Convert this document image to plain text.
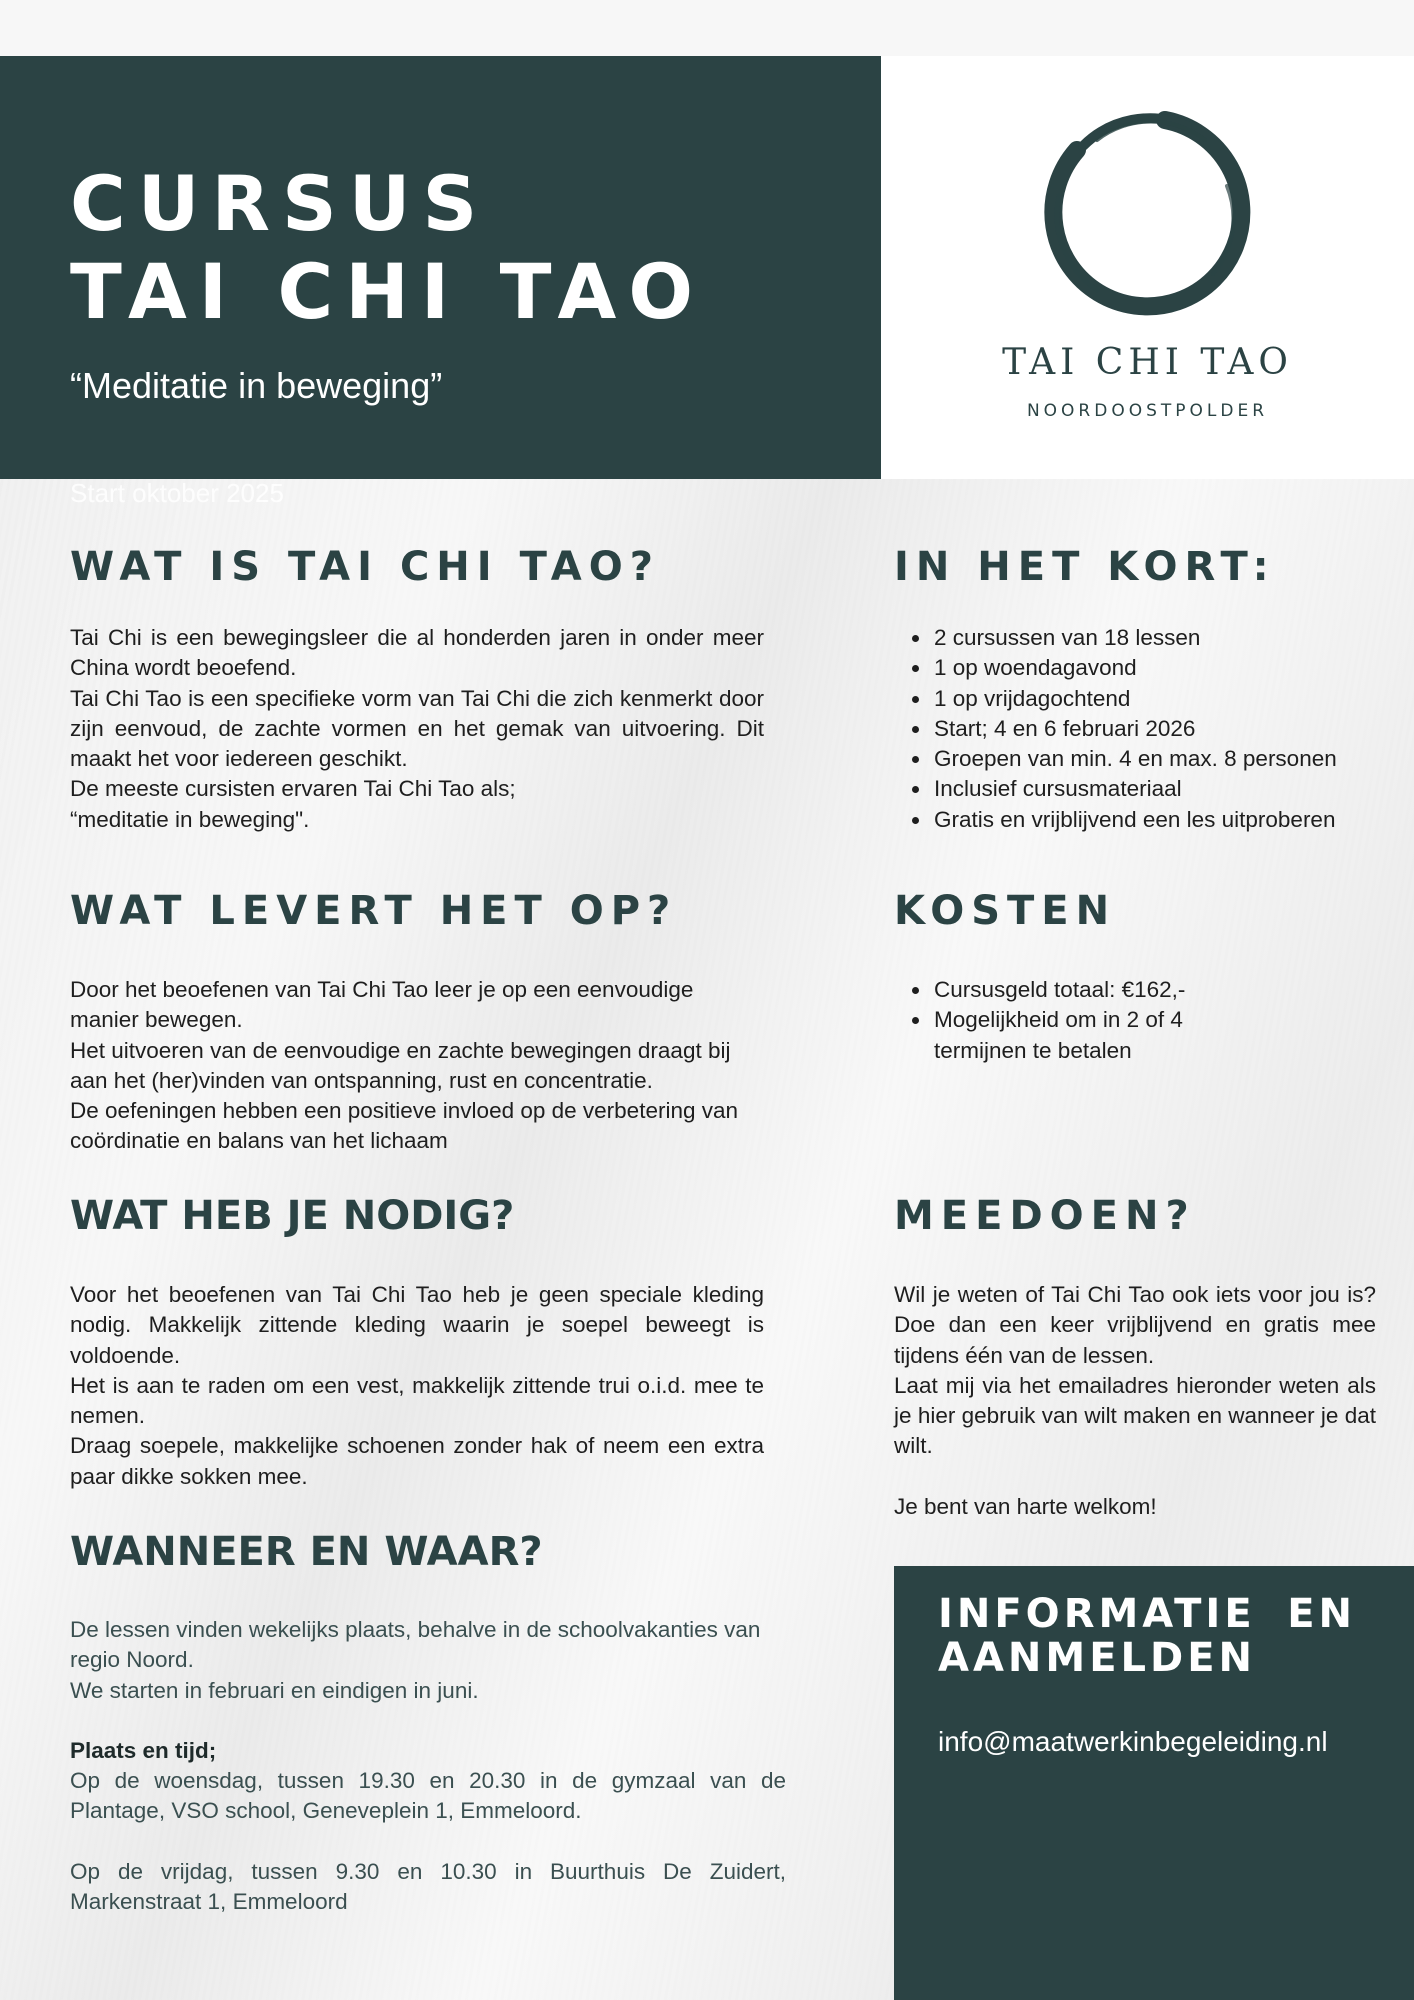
CURSUS
TAI CHI TAO
“Meditatie in beweging”
Start oktober 2025
TAI CHI TAO
NOORDOOSTPOLDER
WAT IS TAI CHI TAO?

Tai Chi is een bewegingsleer die al honderden jaren in onder meer China wordt beoefend.

Tai Chi Tao is een specifieke vorm van Tai Chi die zich kenmerkt door zijn eenvoud, de zachte vormen en het gemak van uitvoering. Dit maakt het voor iedereen geschikt.

De meeste cursisten ervaren Tai Chi Tao als;

“meditatie in beweging".

WAT LEVERT HET OP?

Door het beoefenen van Tai Chi Tao leer je op een eenvoudige manier bewegen.

Het uitvoeren van de eenvoudige en zachte bewegingen draagt bij aan het (her)vinden van ontspanning, rust en concentratie.

De oefeningen hebben een positieve invloed op de verbetering van coördinatie en balans van het lichaam

WAT HEB JE NODIG?

Voor het beoefenen van Tai Chi Tao heb je geen speciale kleding nodig. Makkelijk zittende kleding waarin je soepel beweegt is voldoende.

Het is aan te raden om een vest, makkelijk zittende trui o.i.d. mee te nemen.

Draag soepele, makkelijke schoenen zonder hak of neem een extra paar dikke sokken mee.

WANNEER EN WAAR?

De lessen vinden wekelijks plaats, behalve in de schoolvakanties van regio Noord.

We starten in februari en eindigen in juni.

Plaats en tijd;

Op de woensdag, tussen 19.30 en 20.30 in de gymzaal van de Plantage, VSO school, Geneveplein 1, Emmeloord.

Op de vrijdag, tussen 9.30 en 10.30 in Buurthuis De Zuidert, Markenstraat 1, Emmeloord

IN HET KORT:
• 2 cursussen van 18 lessen
• 1 op woendagavond
• 1 op vrijdagochtend
• Start; 4 en 6 februari 2026
• Groepen van min. 4 en max. 8 personen
• Inclusief cursusmateriaal
• Gratis en vrijblijvend een les uitproberen
KOSTEN
• Cursusgeld totaal: €162,-
• Mogelijkheid om in 2 of 4 termijnen te betalen
MEEDOEN?

Wil je weten of Tai Chi Tao ook iets voor jou is? Doe dan een keer vrijblijvend en gratis mee tijdens één van de lessen.

Laat mij via het emailadres hieronder weten als je hier gebruik van wilt maken en wanneer je dat wilt.

Je bent van harte welkom!

INFORMATIE EN
AANMELDEN
info@maatwerkinbegeleiding.nl
